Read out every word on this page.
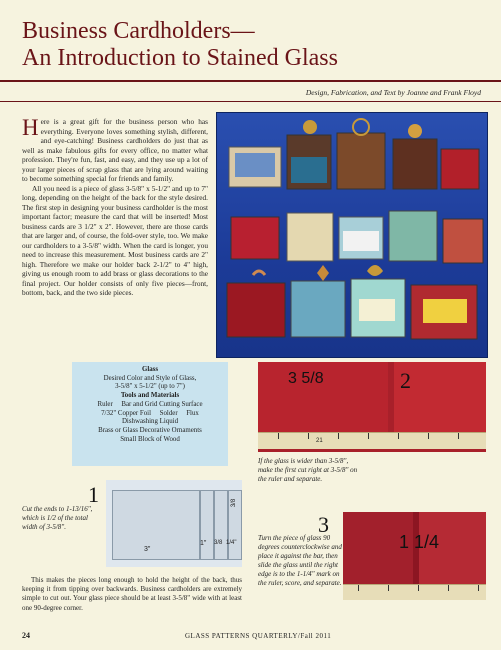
Business Cardholders—
An Introduction to Stained Glass
Design, Fabrication, and Text by Joanne and Frank Floyd

Here is a great gift for the business person who has everything. Everyone loves something stylish, different, and eye-catching! Business cardholders do just that as well as make fabulous gifts for every office, no matter what profession. They're fun, fast, and easy, and they use up a lot of your larger pieces of scrap glass that are lying around waiting to become something special for friends and family.

All you need is a piece of glass 3-5/8" x 5-1/2" and up to 7" long, depending on the height of the back for the style desired. The first step in designing your business cardholder is the most important factor; measure the card that will be inserted! Most business cards are 3 1/2" x 2". However, there are those cards that are larger and, of course, the fold-over style, too. We make our cardholders to a 3-5/8" width. When the card is longer, you need to increase this measurement. Most business cards are 2" high. Therefore we make our holder back 2-1/2" to 4" high, giving us enough room to add brass or glass decorations to the final project. Our holder consists of only five pieces—front, bottom, back, and the two side pieces.

Glass
Desired Color and Style of Glass,
3-5/8" x 5-1/2" (up to 7")
Tools and Materials
Ruler     Bar and Grid Cutting Surface
7/32" Copper Foil     Solder     Flux
Dishwashing Liquid
Brass or Glass Decorative Ornaments
Small Block of Wood
3 5/8
21
2
If the glass is wider than 3-5/8", make the first cut right at 3-5/8" on the ruler and separate.
1
Cut the ends to 1-13/16", which is 1/2 of the total width of 3-5/8".
3"
1" 3/8 1/4"
3/8
3
Turn the piece of glass 90 degrees counterclockwise and place it against the bar, then slide the glass until the right edge is to the 1-1/4" mark on the ruler, score, and separate.
1 1/4
This makes the pieces long enough to hold the height of the back, thus keeping it from tipping over backwards. Business cardholders are extremely simple to cut out. Your glass piece should be at least 3-5/8" wide with at least one 90-degree corner.
24	GLASS PATTERNS QUARTERLY/Fall 2011
